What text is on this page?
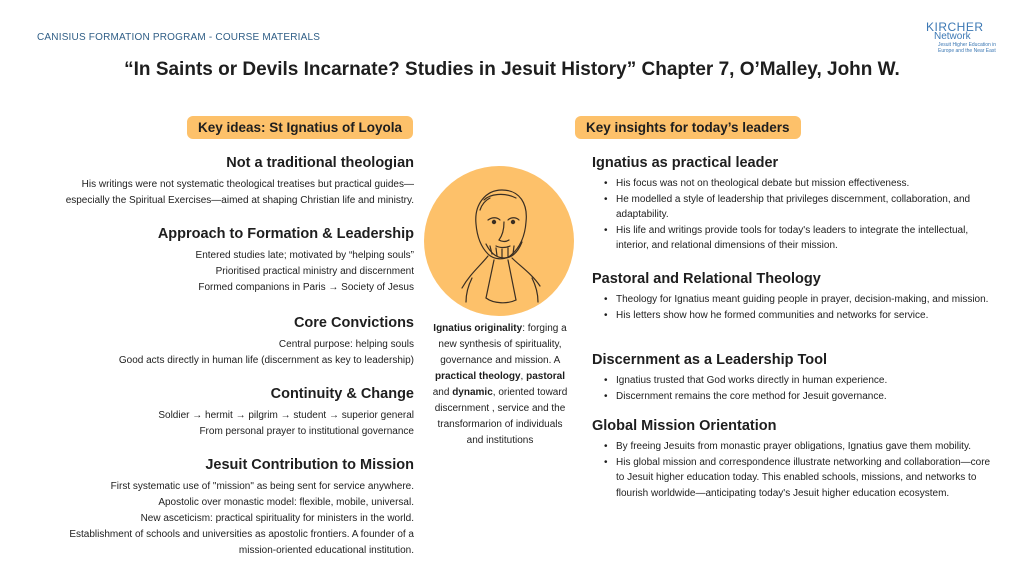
CANISIUS FORMATION PROGRAM - COURSE MATERIALS
KIRCHER
Network
Jesuit Higher Education in Europe and the Near East
“In Saints or Devils Incarnate? Studies in Jesuit History” Chapter 7, O’Malley, John W.
Key ideas: St Ignatius of Loyola	Key insights for today’s leaders
Not a traditional theologian
His writings were not systematic theological treatises but practical guides—
especially the Spiritual Exercises—aimed at shaping Christian life and ministry.
Approach to Formation & Leadership
Entered studies late; motivated by “helping souls”
Prioritised practical ministry and discernment
Formed companions in Paris → Society of Jesus
Core Convictions
Central purpose: helping souls
Good acts directly in human life (discernment as key to leadership)
Continuity & Change
Soldier → hermit → pilgrim → student → superior general
From personal prayer to institutional governance
Jesuit Contribution to Mission
First systematic use of "mission" as being sent for service anywhere.
Apostolic over monastic model: flexible, mobile, universal.
New asceticism: practical spirituality for ministers in the world.
Establishment of schools and universities as apostolic frontiers. A founder of a
mission-oriented educational institution.
Ignatius originality: forging a new synthesis of spirituality, governance and mission. A practical theology, pastoral and dynamic, oriented toward discernment , service and the transformarion of individuals and institutions
Ignatius as practical leader
• His focus was not on theological debate but mission effectiveness.
• He modelled a style of leadership that privileges discernment, collaboration, and adaptability.
• His life and writings provide tools for today's leaders to integrate the intellectual, interior, and relational dimensions of their mission.
Pastoral and Relational Theology
• Theology for Ignatius meant guiding people in prayer, decision-making, and mission.
• His letters show how he formed communities and networks for service.
Discernment as a Leadership Tool
• Ignatius trusted that God works directly in human experience.
• Discernment remains the core method for Jesuit governance.
Global Mission Orientation
• By freeing Jesuits from monastic prayer obligations, Ignatius gave them mobility.
• His global mission and correspondence illustrate networking and collaboration—core to Jesuit higher education today. This enabled schools, missions, and networks to flourish worldwide—anticipating today's Jesuit higher education ecosystem.
